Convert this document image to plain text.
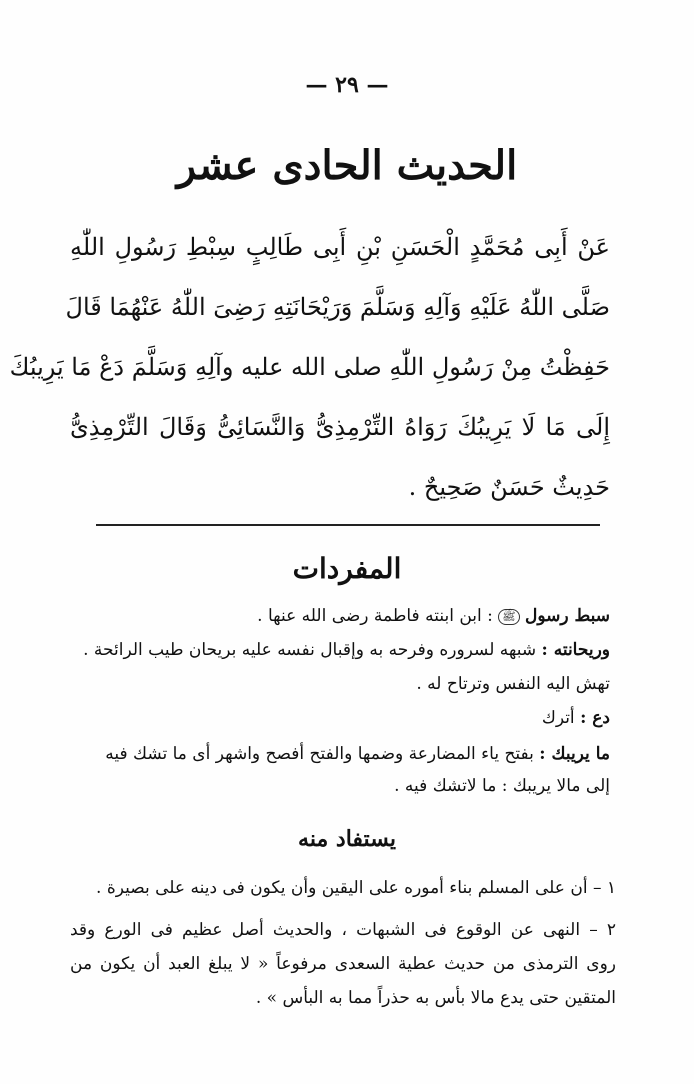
— ٢٩ —
الحديث الحادى عشر
عَنْ أَبِى مُحَمَّدٍ الْحَسَنِ بْنِ أَبِى طَالِبٍ سِبْطِ رَسُولِ اللّٰهِ
صَلَّى اللّٰهُ عَلَيْهِ وَآلِهِ وَسَلَّمَ وَرَيْحَانَتِهِ رَضِىَ اللّٰهُ عَنْهُمَا قَالَ
حَفِظْتُ مِنْ رَسُولِ اللّٰهِ صلى الله عليه وآلِهِ وَسَلَّمَ دَعْ مَا يَرِيبُكَ
إِلَى مَا لَا يَرِيبُكَ رَوَاهُ التِّرْمِذِىُّ وَالنَّسَائِىُّ وَقَالَ التِّرْمِذِىُّ
حَدِيثٌ حَسَنٌ صَحِيحٌ .
المفردات
سبط رسول ﷺ : ابن ابنته فاطمة رضى الله عنها .
وريحانته : شبهه لسروره وفرحه به وإقبال نفسه عليه بريحان طيب الرائحة .
تهش اليه النفس وترتاح له .
دع : أترك
ما يريبك : بفتح ياء المضارعة وضمها والفتح أفصح واشهر أى ما تشك فيه
إلى مالا يريبك : ما لاتشك فيه .
يستفاد منه
١ – أن على المسلم بناء أموره على اليقين وأن يكون فى دينه على بصيرة .
٢ – النهى عن الوقوع فى الشبهات ، والحديث أصل عظيم فى الورع وقد
روى الترمذى من حديث عطية السعدى مرفوعاً « لا يبلغ العبد أن يكون من
المتقين حتى يدع مالا بأس به حذراً مما به البأس » .
